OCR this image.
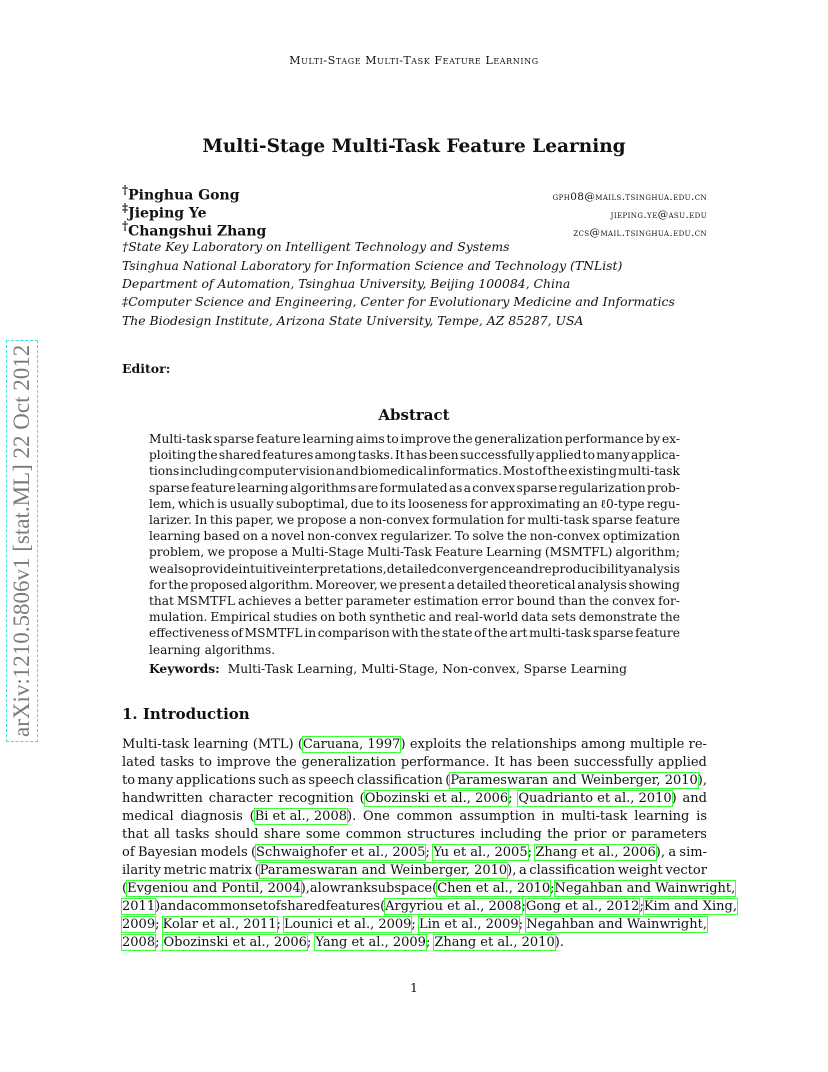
Multi-Stage Multi-Task Feature Learning
Multi-Stage Multi-Task Feature Learning
†Pinghua Gong	gph08@mails.tsinghua.edu.cn
‡Jieping Ye	jieping.ye@asu.edu
†Changshui Zhang	zcs@mail.tsinghua.edu.cn
†State Key Laboratory on Intelligent Technology and Systems
Tsinghua National Laboratory for Information Science and Technology (TNList)
Department of Automation, Tsinghua University, Beijing 100084, China
‡Computer Science and Engineering, Center for Evolutionary Medicine and Informatics
The Biodesign Institute, Arizona State University, Tempe, AZ 85287, USA
Editor:
Abstract
Multi-task sparse feature learning aims to improve the generalization performance by ex-
ploiting the shared features among tasks. It has been successfully applied to many applica-
tions including computer vision and biomedical informatics. Most of the existing multi-task
sparse feature learning algorithms are formulated as a convex sparse regularization prob-
lem, which is usually suboptimal, due to its looseness for approximating an ℓ0-type regu-
larizer. In this paper, we propose a non-convex formulation for multi-task sparse feature
learning based on a novel non-convex regularizer. To solve the non-convex optimization
problem, we propose a Multi-Stage Multi-Task Feature Learning (MSMTFL) algorithm;
we also provide intuitive interpretations, detailed convergence and reproducibility analysis
for the proposed algorithm. Moreover, we present a detailed theoretical analysis showing
that MSMTFL achieves a better parameter estimation error bound than the convex for-
mulation. Empirical studies on both synthetic and real-world data sets demonstrate the
effectiveness of MSMTFL in comparison with the state of the art multi-task sparse feature
learning algorithms.
Keywords: Multi-Task Learning, Multi-Stage, Non-convex, Sparse Learning
1. Introduction
Multi-task learning (MTL) (Caruana, 1997) exploits the relationships among multiple re-
lated tasks to improve the generalization performance. It has been successfully applied
to many applications such as speech classification (Parameswaran and Weinberger, 2010),
handwritten character recognition (Obozinski et al., 2006; Quadrianto et al., 2010) and
medical diagnosis (Bi et al., 2008). One common assumption in multi-task learning is
that all tasks should share some common structures including the prior or parameters
of Bayesian models (Schwaighofer et al., 2005; Yu et al., 2005; Zhang et al., 2006), a sim-
ilarity metric matrix (Parameswaran and Weinberger, 2010), a classification weight vector
(Evgeniou and Pontil, 2004), a low rank subspace (Chen et al., 2010; Negahban and Wainwright,
2011) and a common set of shared features (Argyriou et al., 2008; Gong et al., 2012; Kim and Xing,
2009; Kolar et al., 2011; Lounici et al., 2009; Lin et al., 2009; Negahban and Wainwright,
2008; Obozinski et al., 2006; Yang et al., 2009; Zhang et al., 2010).
1
arXiv:1210.5806v1 [stat.ML] 22 Oct 2012
